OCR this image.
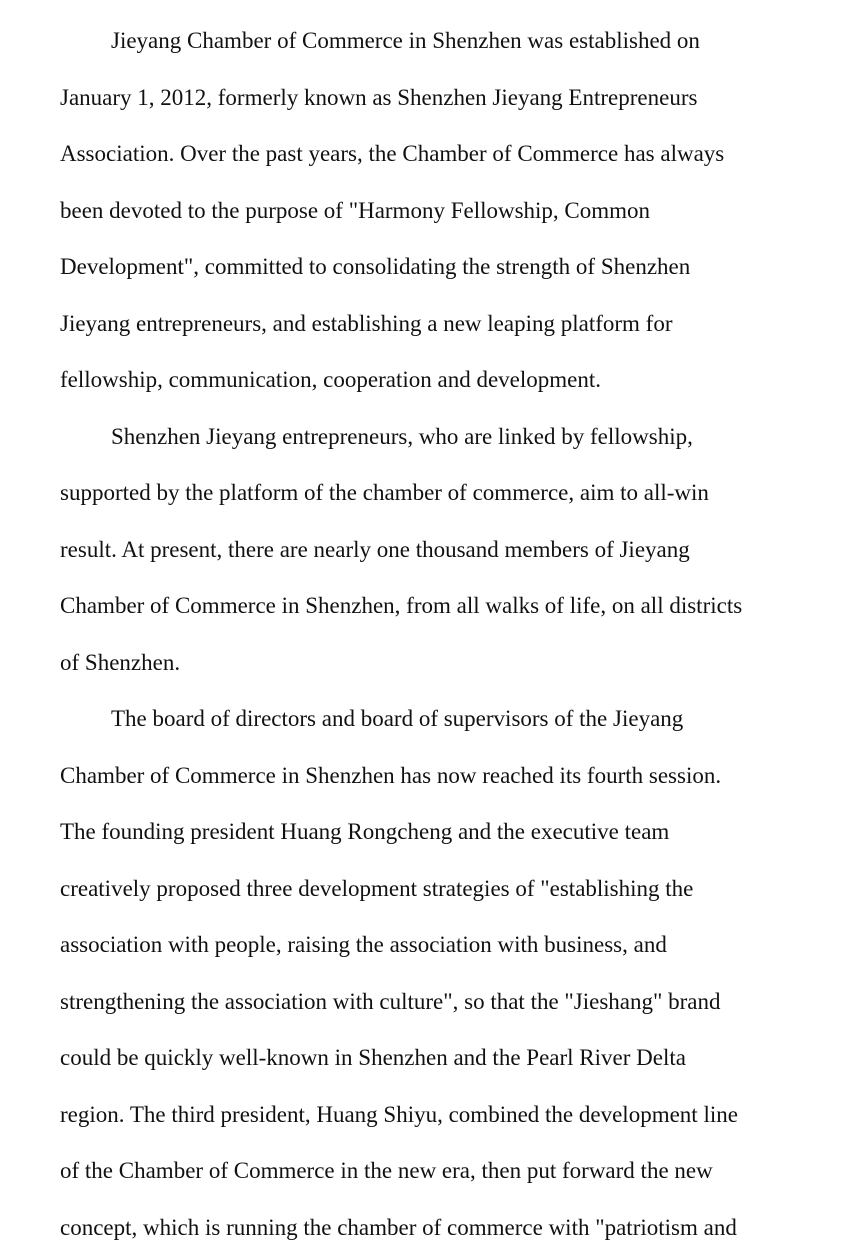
Jieyang Chamber of Commerce in Shenzhen was established on

January 1, 2012, formerly known as Shenzhen Jieyang Entrepreneurs

Association. Over the past years, the Chamber of Commerce has always

been devoted to the purpose of "Harmony Fellowship, Common

Development", committed to consolidating the strength of Shenzhen

Jieyang entrepreneurs, and establishing a new leaping platform for

fellowship, communication, cooperation and development.

Shenzhen Jieyang entrepreneurs, who are linked by fellowship,

supported by the platform of the chamber of commerce, aim to all-win

result. At present, there are nearly one thousand members of Jieyang

Chamber of Commerce in Shenzhen, from all walks of life, on all districts

of Shenzhen.

The board of directors and board of supervisors of the Jieyang

Chamber of Commerce in Shenzhen has now reached its fourth session.

The founding president Huang Rongcheng and the executive team

creatively proposed three development strategies of "establishing the

association with people, raising the association with business, and

strengthening the association with culture", so that the "Jieshang" brand

could be quickly well-known in Shenzhen and the Pearl River Delta

region. The third president, Huang Shiyu, combined the development line

of the Chamber of Commerce in the new era, then put forward the new

concept, which is running the chamber of commerce with "patriotism and
